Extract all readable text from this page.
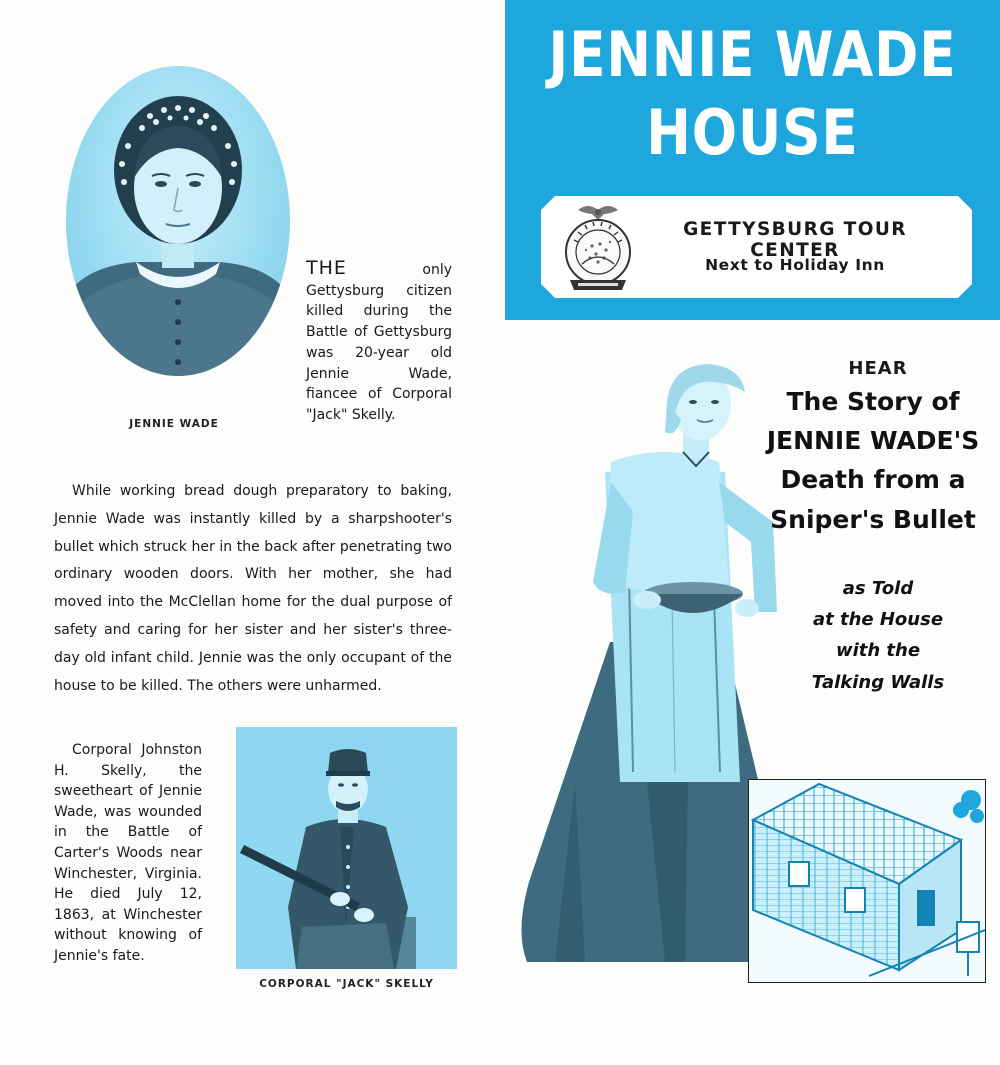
JENNIE WADE
THE	only Gettysburg citizen killed during the Battle of Gettysburg was 20-year old Jennie Wade, fiancee of Corporal "Jack" Skelly.
While working bread dough preparatory to baking, Jennie Wade was instantly killed by a sharpshooter's bullet which struck her in the back after penetrating two ordinary wooden doors. With her mother, she had moved into the McClellan home for the dual purpose of safety and caring for her sister and her sister's three-day old infant child. Jennie was the only occupant of the house to be killed. The others were unharmed.
Corporal Johnston H. Skelly, the sweetheart of Jennie Wade, was wounded in the Battle of Carter's Woods near Winchester, Virginia. He died July 12, 1863, at Winchester without knowing of Jennie's fate.
CORPORAL "JACK" SKELLY
JENNIE WADE
HOUSE
GETTYSBURG TOUR CENTER
Next to Holiday Inn
HEAR
The Story of
JENNIE WADE'S
Death from a
Sniper's Bullet
as Told
at the House
with the
Talking Walls
